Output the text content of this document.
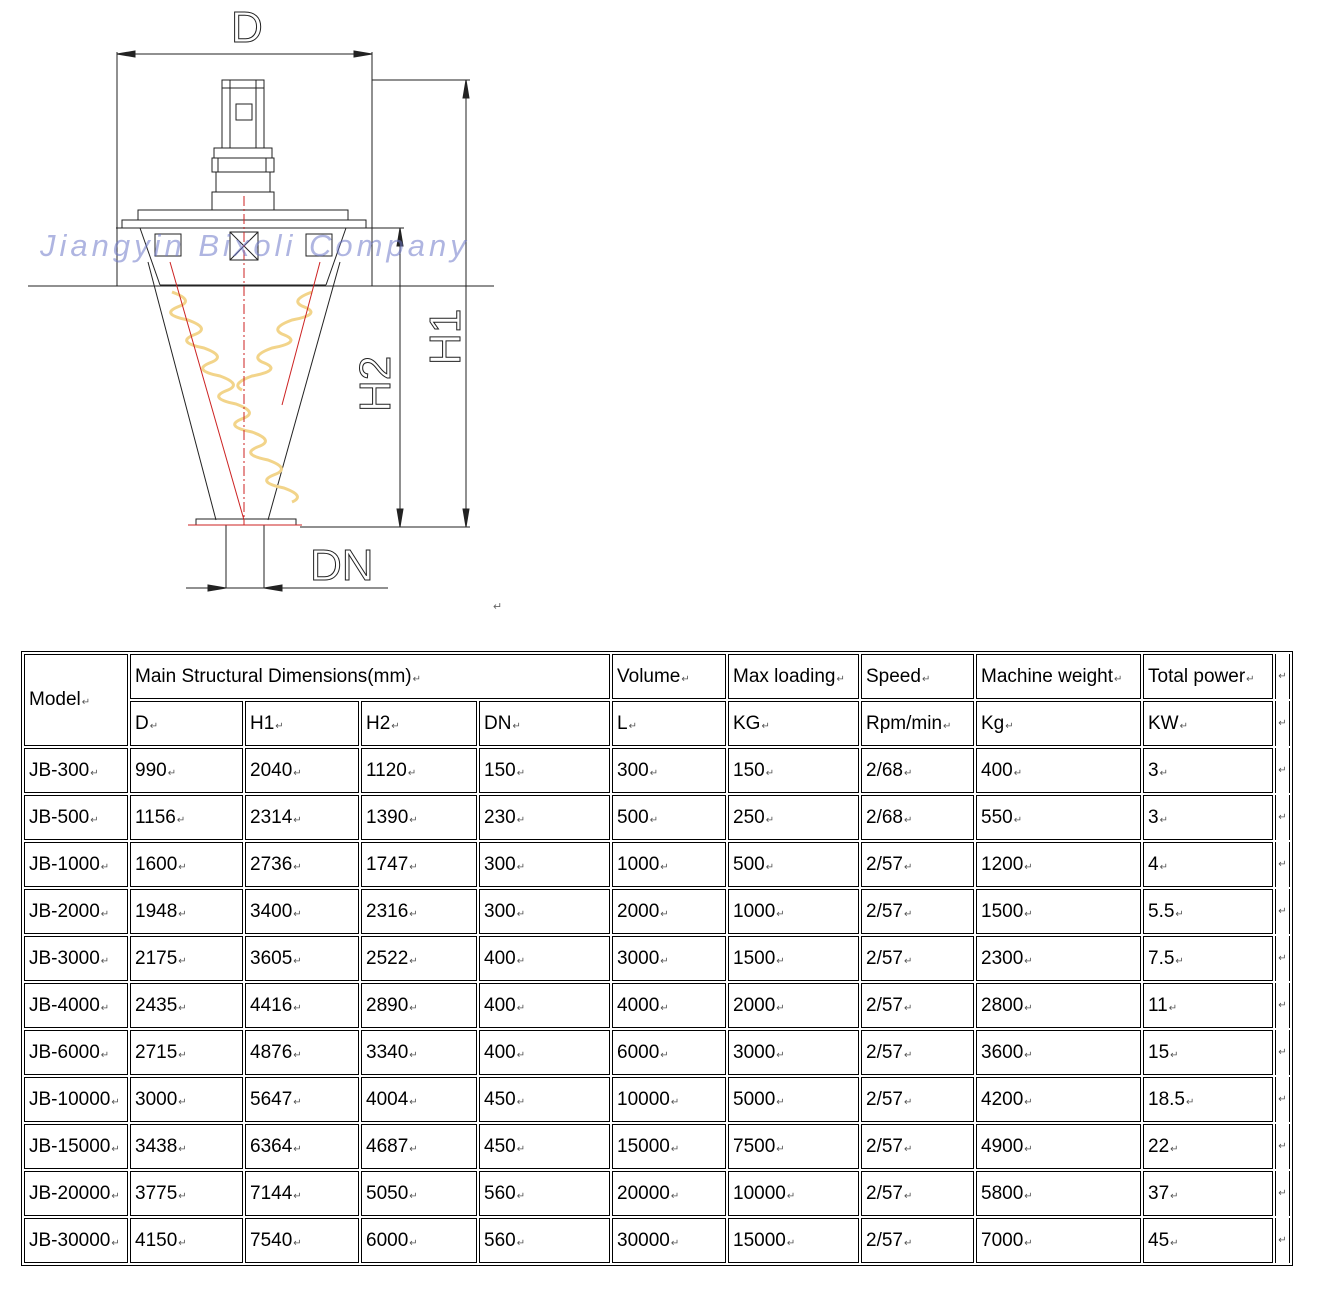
D
DN
H1
H2
Jiangyin Bixoli Company
↵
Model ↵	Main Structural Dimensions(mm) ↵				Volume ↵	Max loading ↵	Speed ↵	Machine weight ↵	Total power ↵	↵
	D ↵	H1 ↵	H2 ↵	DN ↵	L ↵	KG ↵	Rpm/min ↵	Kg ↵	KW ↵	↵
JB-300 ↵	990 ↵	2040 ↵	1120 ↵	150 ↵	300 ↵	150 ↵	2/68 ↵	400 ↵	3 ↵	↵
JB-500 ↵	1156 ↵	2314 ↵	1390 ↵	230 ↵	500 ↵	250 ↵	2/68 ↵	550 ↵	3 ↵	↵
JB-1000 ↵	1600 ↵	2736 ↵	1747 ↵	300 ↵	1000 ↵	500 ↵	2/57 ↵	1200 ↵	4 ↵	↵
JB-2000 ↵	1948 ↵	3400 ↵	2316 ↵	300 ↵	2000 ↵	1000 ↵	2/57 ↵	1500 ↵	5.5 ↵	↵
JB-3000 ↵	2175 ↵	3605 ↵	2522 ↵	400 ↵	3000 ↵	1500 ↵	2/57 ↵	2300 ↵	7.5 ↵	↵
JB-4000 ↵	2435 ↵	4416 ↵	2890 ↵	400 ↵	4000 ↵	2000 ↵	2/57 ↵	2800 ↵	11 ↵	↵
JB-6000 ↵	2715 ↵	4876 ↵	3340 ↵	400 ↵	6000 ↵	3000 ↵	2/57 ↵	3600 ↵	15 ↵	↵
JB-10000 ↵	3000 ↵	5647 ↵	4004 ↵	450 ↵	10000 ↵	5000 ↵	2/57 ↵	4200 ↵	18.5 ↵	↵
JB-15000 ↵	3438 ↵	6364 ↵	4687 ↵	450 ↵	15000 ↵	7500 ↵	2/57 ↵	4900 ↵	22 ↵	↵
JB-20000 ↵	3775 ↵	7144 ↵	5050 ↵	560 ↵	20000 ↵	10000 ↵	2/57 ↵	5800 ↵	37 ↵	↵
JB-30000 ↵	4150 ↵	7540 ↵	6000 ↵	560 ↵	30000 ↵	15000 ↵	2/57 ↵	7000 ↵	45 ↵	↵
